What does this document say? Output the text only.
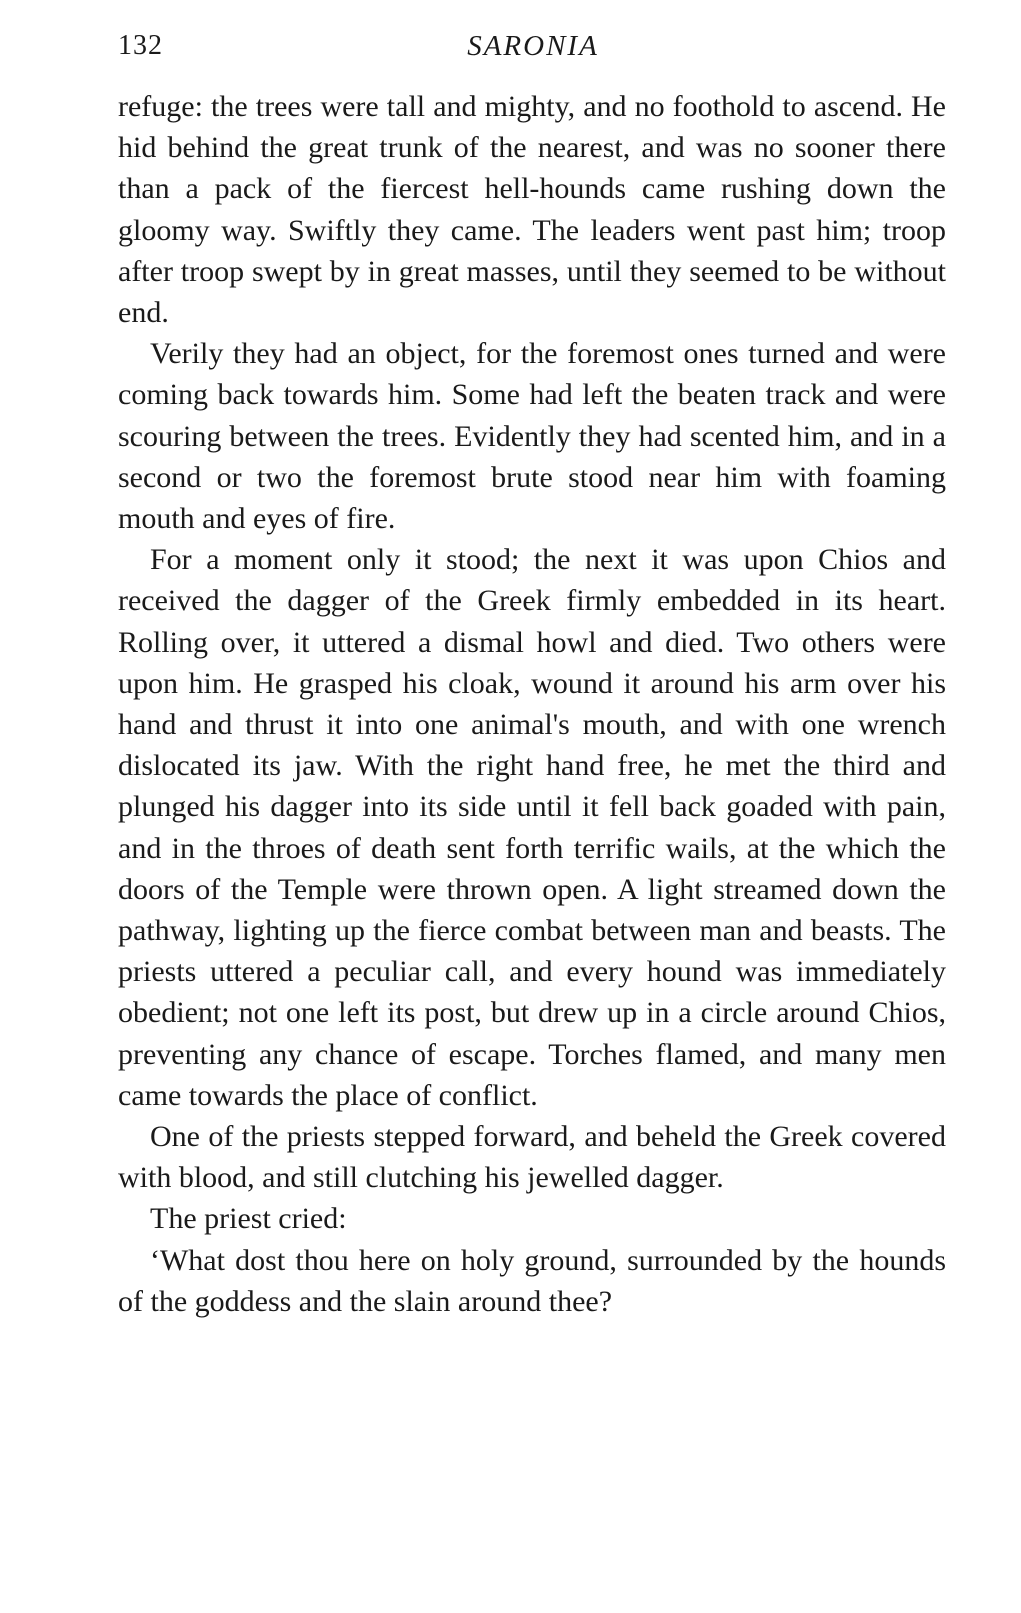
132	SARONIA

refuge: the trees were tall and mighty, and no foothold to ascend. He hid behind the great trunk of the nearest, and was no sooner there than a pack of the fiercest hell-hounds came rushing down the gloomy way. Swiftly they came. The leaders went past him; troop after troop swept by in great masses, until they seemed to be without end.

Verily they had an object, for the foremost ones turned and were coming back towards him. Some had left the beaten track and were scouring between the trees. Evidently they had scented him, and in a second or two the foremost brute stood near him with foaming mouth and eyes of fire.

For a moment only it stood; the next it was upon Chios and received the dagger of the Greek firmly embedded in its heart. Rolling over, it uttered a dismal howl and died. Two others were upon him. He grasped his cloak, wound it around his arm over his hand and thrust it into one animal's mouth, and with one wrench dislocated its jaw. With the right hand free, he met the third and plunged his dagger into its side until it fell back goaded with pain, and in the throes of death sent forth terrific wails, at the which the doors of the Temple were thrown open. A light streamed down the pathway, lighting up the fierce combat between man and beasts. The priests uttered a peculiar call, and every hound was immediately obedient; not one left its post, but drew up in a circle around Chios, preventing any chance of escape. Torches flamed, and many men came towards the place of conflict.

One of the priests stepped forward, and beheld the Greek covered with blood, and still clutching his jewelled dagger.

The priest cried:

‘What dost thou here on holy ground, surrounded by the hounds of the goddess and the slain around thee?
